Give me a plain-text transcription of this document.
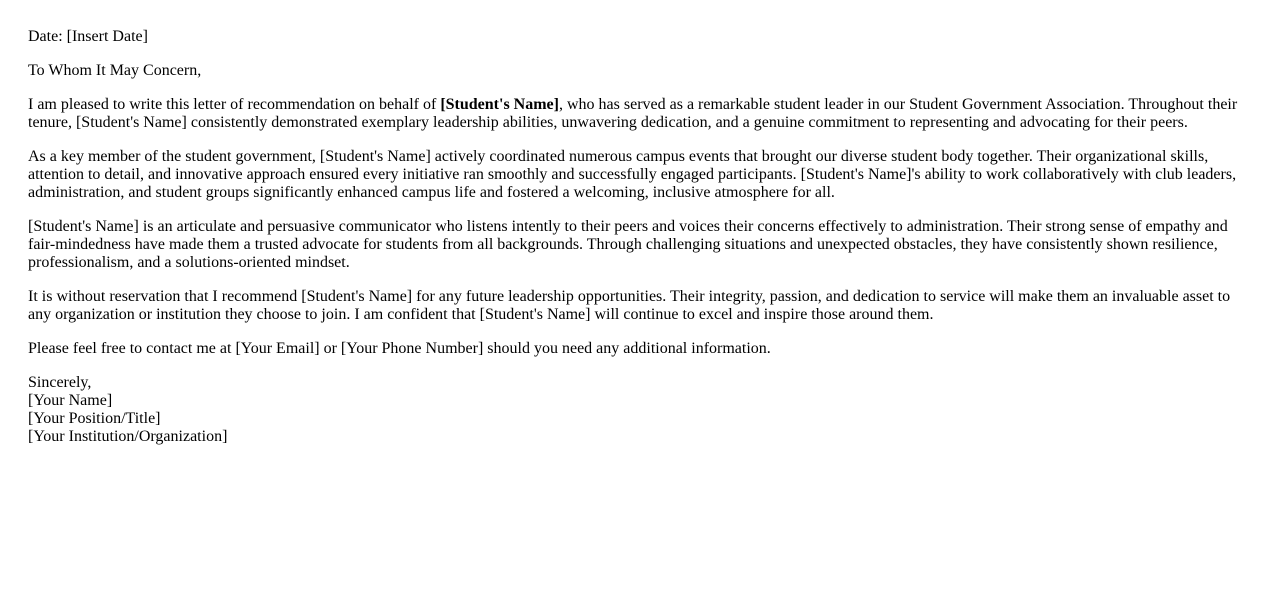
Date: [Insert Date]

To Whom It May Concern,

I am pleased to write this letter of recommendation on behalf of [Student's Name], who has served as a remarkable student leader in our Student Government Association. Throughout their tenure, [Student's Name] consistently demonstrated exemplary leadership abilities, unwavering dedication, and a genuine commitment to representing and advocating for their peers.

As a key member of the student government, [Student's Name] actively coordinated numerous campus events that brought our diverse student body together. Their organizational skills, attention to detail, and innovative approach ensured every initiative ran smoothly and successfully engaged participants. [Student's Name]'s ability to work collaboratively with club leaders, administration, and student groups significantly enhanced campus life and fostered a welcoming, inclusive atmosphere for all.

[Student's Name] is an articulate and persuasive communicator who listens intently to their peers and voices their concerns effectively to administration. Their strong sense of empathy and fair-mindedness have made them a trusted advocate for students from all backgrounds. Through challenging situations and unexpected obstacles, they have consistently shown resilience, professionalism, and a solutions-oriented mindset.

It is without reservation that I recommend [Student's Name] for any future leadership opportunities. Their integrity, passion, and dedication to service will make them an invaluable asset to any organization or institution they choose to join. I am confident that [Student's Name] will continue to excel and inspire those around them.

Please feel free to contact me at [Your Email] or [Your Phone Number] should you need any additional information.

Sincerely,

[Your Name]

[Your Position/Title]

[Your Institution/Organization]
